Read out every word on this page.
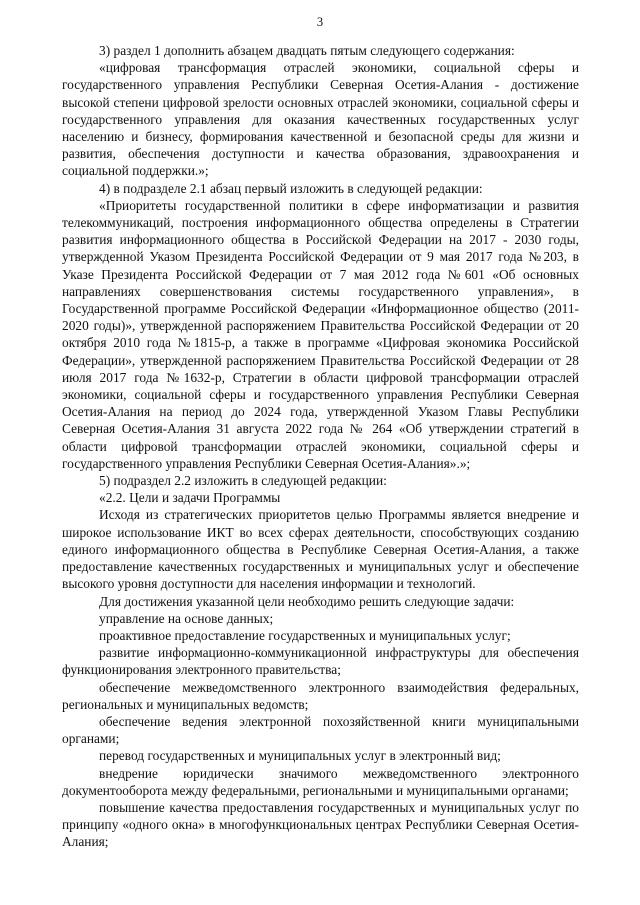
3

3) раздел 1 дополнить абзацем двадцать пятым следующего содержания:

«цифровая трансформация отраслей экономики, социальной сферы и государственного управления Республики Северная Осетия-Алания - достижение высокой степени цифровой зрелости основных отраслей экономики, социальной сферы и государственного управления для оказания качественных государственных услуг населению и бизнесу, формирования качественной и безопасной среды для жизни и развития, обеспечения доступности и качества образования, здравоохранения и социальной поддержки.»;

4) в подразделе 2.1 абзац первый изложить в следующей редакции:

«Приоритеты государственной политики в сфере информатизации и развития телекоммуникаций, построения информационного общества определены в Стратегии развития информационного общества в Российской Федерации на 2017 - 2030 годы, утвержденной Указом Президента Российской Федерации от 9 мая 2017 года №203, в Указе Президента Российской Федерации от 7 мая 2012 года №601 «Об основных направлениях совершенствования системы государственного управления», в Государственной программе Российской Федерации «Информационное общество (2011-2020 годы)», утвержденной распоряжением Правительства Российской Федерации от 20 октября 2010 года №1815-р, а также в программе «Цифровая экономика Российской Федерации», утвержденной распоряжением Правительства Российской Федерации от 28 июля 2017 года №1632-р, Стратегии в области цифровой трансформации отраслей экономики, социальной сферы и государственного управления Республики Северная Осетия-Алания на период до 2024 года, утвержденной Указом Главы Республики Северная Осетия-Алания 31 августа 2022 года № 264 «Об утверждении стратегий в области цифровой трансформации отраслей экономики, социальной сферы и государственного управления Республики Северная Осетия-Алания».»;

5) подраздел 2.2 изложить в следующей редакции:

«2.2. Цели и задачи Программы

Исходя из стратегических приоритетов целью Программы является внедрение и широкое использование ИКТ во всех сферах деятельности, способствующих созданию единого информационного общества в Республике Северная Осетия-Алания, а также предоставление качественных государственных и муниципальных услуг и обеспечение высокого уровня доступности для населения информации и технологий.

Для достижения указанной цели необходимо решить следующие задачи:

управление на основе данных;

проактивное предоставление государственных и муниципальных услуг;

развитие информационно-коммуникационной инфраструктуры для обеспечения функционирования электронного правительства;

обеспечение межведомственного электронного взаимодействия федеральных, региональных и муниципальных ведомств;

обеспечение ведения электронной похозяйственной книги муниципальными органами;

перевод государственных и муниципальных услуг в электронный вид;

внедрение юридически значимого межведомственного электронного документооборота между федеральными, региональными и муниципальными органами;

повышение качества предоставления государственных и муниципальных услуг по принципу «одного окна» в многофункциональных центрах Республики Северная Осетия-Алания;
